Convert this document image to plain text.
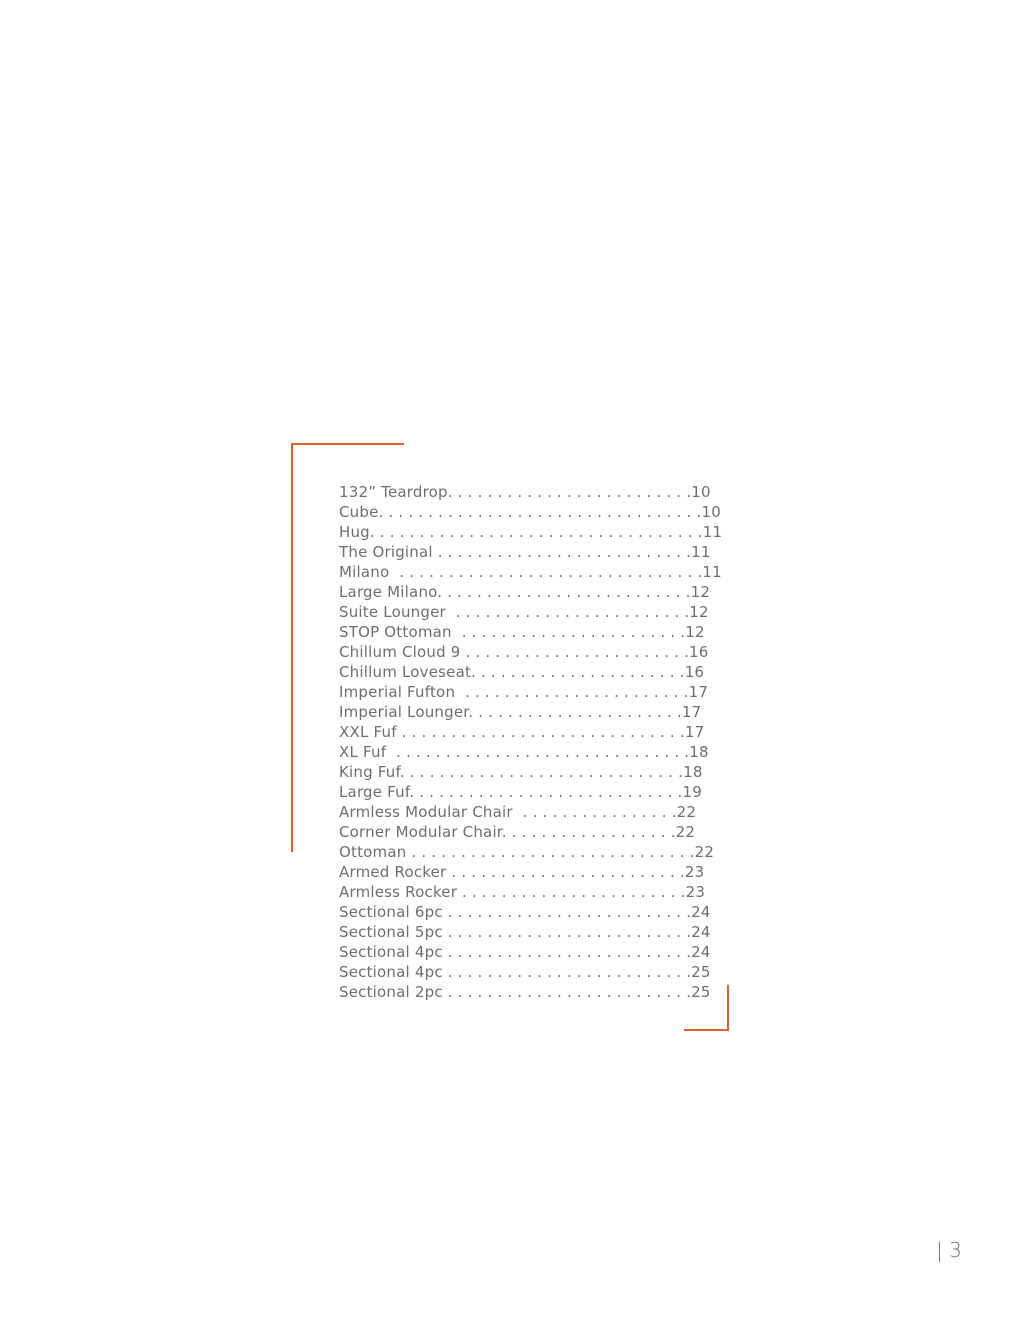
132” Teardrop. . . . . . . . . . . . . . . . . . . . . . . . .10
Cube. . . . . . . . . . . . . . . . . . . . . . . . . . . . . . . . .10
Hug. . . . . . . . . . . . . . . . . . . . . . . . . . . . . . . . . .11
The Original . . . . . . . . . . . . . . . . . . . . . . . . . .11
Milano  . . . . . . . . . . . . . . . . . . . . . . . . . . . . . . .11
Large Milano. . . . . . . . . . . . . . . . . . . . . . . . . .12
Suite Lounger  . . . . . . . . . . . . . . . . . . . . . . . .12
STOP Ottoman  . . . . . . . . . . . . . . . . . . . . . . .12
Chillum Cloud 9 . . . . . . . . . . . . . . . . . . . . . . .16
Chillum Loveseat. . . . . . . . . . . . . . . . . . . . . .16
Imperial Fufton  . . . . . . . . . . . . . . . . . . . . . . .17
Imperial Lounger. . . . . . . . . . . . . . . . . . . . . .17
XXL Fuf . . . . . . . . . . . . . . . . . . . . . . . . . . . . .17
XL Fuf  . . . . . . . . . . . . . . . . . . . . . . . . . . . . . .18
King Fuf. . . . . . . . . . . . . . . . . . . . . . . . . . . . .18
Large Fuf. . . . . . . . . . . . . . . . . . . . . . . . . . . .19
Armless Modular Chair  . . . . . . . . . . . . . . . .22
Corner Modular Chair. . . . . . . . . . . . . . . . . .22
Ottoman . . . . . . . . . . . . . . . . . . . . . . . . . . . . .22
Armed Rocker . . . . . . . . . . . . . . . . . . . . . . . .23
Armless Rocker . . . . . . . . . . . . . . . . . . . . . . .23
Sectional 6pc . . . . . . . . . . . . . . . . . . . . . . . . .24
Sectional 5pc . . . . . . . . . . . . . . . . . . . . . . . . .24
Sectional 4pc . . . . . . . . . . . . . . . . . . . . . . . . .24
Sectional 4pc . . . . . . . . . . . . . . . . . . . . . . . . .25
Sectional 2pc . . . . . . . . . . . . . . . . . . . . . . . . .25
| 3
